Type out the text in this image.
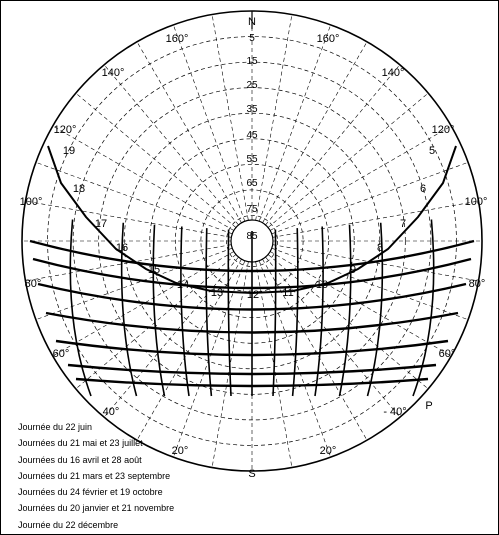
N
S
P
160°
140°
120°
100°
80°
60°
40°
20°
160°
140°
120°
100°
80°
60°
- 40°
20°
5
15
25
35
45
55
65
75
85
19
18
17
16
15
14
13 12 11
10
9
8
7
6
5
Journée du 22 juin
Journées du 21 mai et 23 juillet
Journées du 16 avril et 28 août
Journées du 21 mars et 23 septembre
Journées du 24 février et 19 octobre
Journées du 20 janvier et 21 novembre
Journée du 22 décembre
